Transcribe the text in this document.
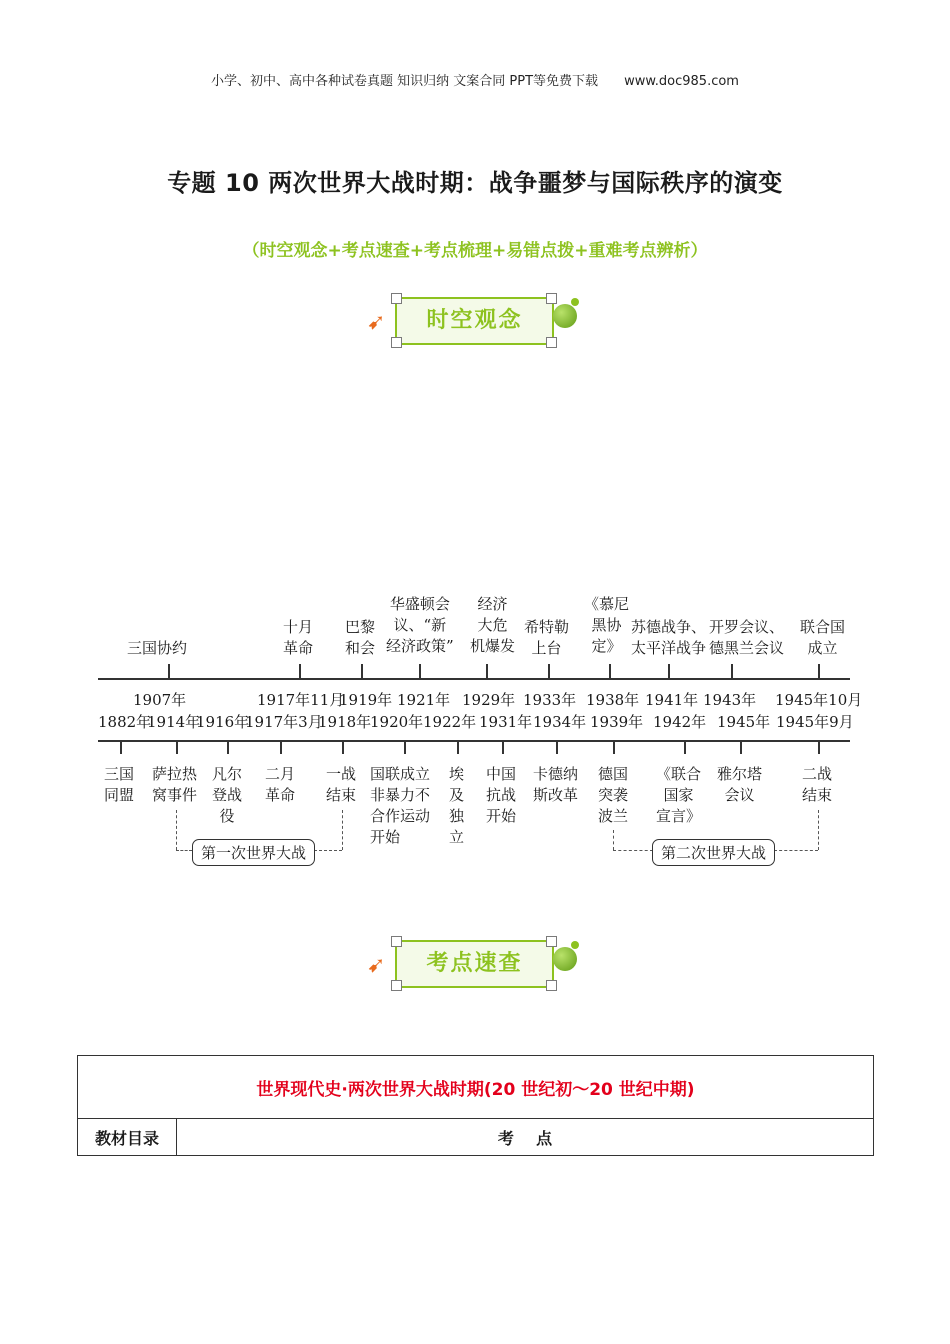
小学、初中、高中各种试卷真题 知识归纳 文案合同 PPT等免费下载 www.doc985.com
专题 10 两次世界大战时期：战争噩梦与国际秩序的演变
（时空观念+考点速查+考点梳理+易错点拨+重难考点辨析）
➹	时空观念
三国协约
十月
革命
巴黎
和会
华盛顿会
议、“新
经济政策”
经济
大危
机爆发
希特勒
上台
《慕尼
黑协
定》
苏德战争、
太平洋战争
开罗会议、
德黑兰会议
联合国
成立
1907年	1917年11月
1919年 1921年 1929年 1933年 1938年 1941年 1943年 1945年10月
1882年
1914年
1916年
1917年3月
1918年
1920年 1922年 1931年 1934年 1939年 1942年 1945年 1945年9月
三国
同盟
萨拉热
窝事件
凡尔
登战
役
二月
革命
一战
结束
国联成立
非暴力不
合作运动
开始
埃
及
独
立
中国
抗战
开始
卡德纳
斯改革
德国
突袭
波兰
《联合
国家
宣言》
雅尔塔
会议
二战
结束
第一次世界大战	第二次世界大战
➹	考点速查
世界现代史·两次世界大战时期(20 世纪初～20 世纪中期)
教材目录	考    点
